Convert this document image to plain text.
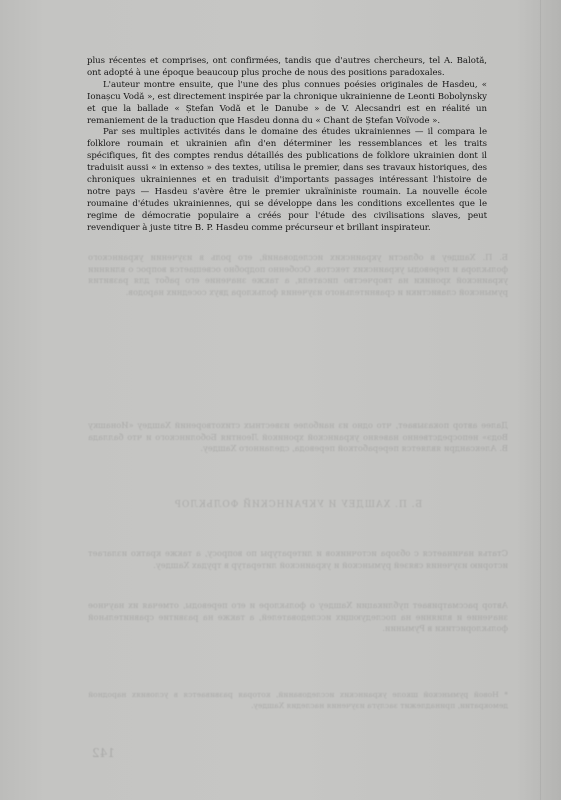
Б. П. Хашдеу в области украинских исследований, его роль в изучении украинского фольклора и переводы украинских текстов. Особенно подробно освещается вопрос о влиянии украинской хроники на творчество писателя, а также значение его работ для развития румынской славистики и сравнительного изучения фольклора двух соседних народов.
Далее автор показывает, что одно из наиболее известных стихотворений Хашдеу «Ионашку Водэ» непосредственно навеяно украинской хроникой Леонтия Боболинского и что баллада В. Александри является переработкой перевода, сделанного Хашдеу.
Б. П. ХАШДЕУ И УКРАИНСКИЙ ФОЛЬКЛОР
Статья начинается с обзора источников и литературы по вопросу, а также кратко излагает историю изучения связей румынской и украинской литератур в трудах Хашдеу.
Автор рассматривает публикации Хашдеу о фольклоре и его переводы, отмечая их научное значение и влияние на последующих исследователей, а также на развитие сравнительной фольклористики в Румынии.
* Новой румынской школе украинских исследований, которая развивается в условиях народной демократии, принадлежит заслуга изучения наследия Хашдеу.
142

plus récentes et comprises, ont confirmées, tandis que d'autres chercheurs, tel A. Balotă, ont adopté à une époque beaucoup plus proche de nous des positions paradoxales.

L'auteur montre ensuite, que l'une des plus connues poésies originales de Hasdeu, « Ionașcu Vodă », est directement inspirée par la chronique ukrainienne de Leonti Bobolynsky et que la ballade « Ștefan Vodă et le Danube » de V. Alecsandri est en réalité un remaniement de la traduction que Hasdeu donna du « Chant de Ștefan Voïvode ».

Par ses multiples activités dans le domaine des études ukrainiennes — il compara le folklore roumain et ukrainien afin d'en déterminer les ressemblances et les traits spécifiques, fit des comptes rendus détaillés des publications de folklore ukrainien dont il traduisit aussi « in extenso » des textes, utilisa le premier, dans ses travaux historiques, des chroniques ukrainiennes et en traduisit d'importants passages intéressant l'histoire de notre pays — Hasdeu s'avère être le premier ukraïniniste roumain. La nouvelle école roumaine d'études ukrainiennes, qui se développe dans les conditions excellentes que le regime de démocratie populaire a créés pour l'étude des civilisations slaves, peut revendiquer à juste titre B. P. Hasdeu comme précurseur et brillant inspirateur.
